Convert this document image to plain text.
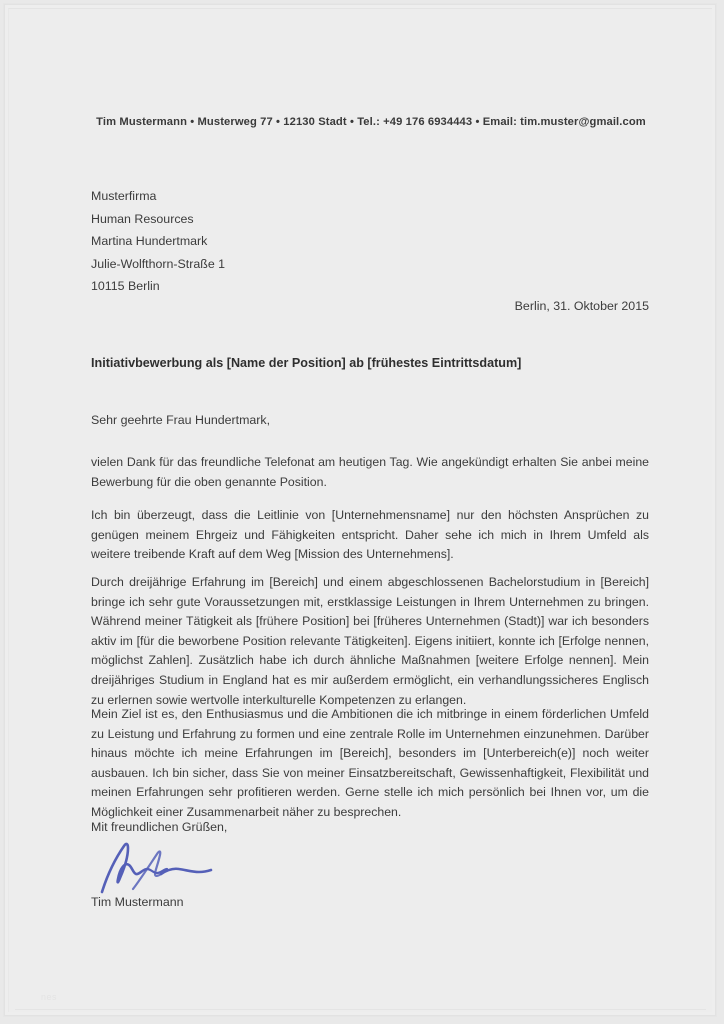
Tim Mustermann • Musterweg 77 • 12130 Stadt • Tel.: +49 176 6934443 • Email: tim.muster@gmail.com
Musterfirma
Human Resources
Martina Hundertmark
Julie-Wolfthorn-Straße 1
10115 Berlin
Berlin, 31. Oktober 2015
Initiativbewerbung als [Name der Position] ab [frühestes Eintrittsdatum]
Sehr geehrte Frau Hundertmark,
vielen Dank für das freundliche Telefonat am heutigen Tag. Wie angekündigt erhalten Sie anbei meine Bewerbung für die oben genannte Position.
Ich bin überzeugt, dass die Leitlinie von [Unternehmensname] nur den höchsten Ansprüchen zu genügen meinem Ehrgeiz und Fähigkeiten entspricht. Daher sehe ich mich in Ihrem Umfeld als weitere treibende Kraft auf dem Weg [Mission des Unternehmens].
Durch dreijährige Erfahrung im [Bereich] und einem abgeschlossenen Bachelorstudium in [Bereich] bringe ich sehr gute Voraussetzungen mit, erstklassige Leistungen in Ihrem Unternehmen zu bringen. Während meiner Tätigkeit als [frühere Position] bei [früheres Unternehmen (Stadt)] war ich besonders aktiv im [für die beworbene Position relevante Tätigkeiten]. Eigens initiiert, konnte ich [Erfolge nennen, möglichst Zahlen]. Zusätzlich habe ich durch ähnliche Maßnahmen [weitere Erfolge nennen]. Mein dreijähriges Studium in England hat es mir außerdem ermöglicht, ein verhandlungssicheres Englisch zu erlernen sowie wertvolle interkulturelle Kompetenzen zu erlangen.
Mein Ziel ist es, den Enthusiasmus und die Ambitionen die ich mitbringe in einem förderlichen Umfeld zu Leistung und Erfahrung zu formen und eine zentrale Rolle im Unternehmen einzunehmen. Darüber hinaus möchte ich meine Erfahrungen im [Bereich], besonders im [Unterbereich(e)] noch weiter ausbauen. Ich bin sicher, dass Sie von meiner Einsatzbereitschaft, Gewissenhaftigkeit, Flexibilität und meinen Erfahrungen sehr profitieren werden. Gerne stelle ich mich persönlich bei Ihnen vor, um die Möglichkeit einer Zusammenarbeit näher zu besprechen.
Mit freundlichen Grüßen,
Tim Mustermann
nes
